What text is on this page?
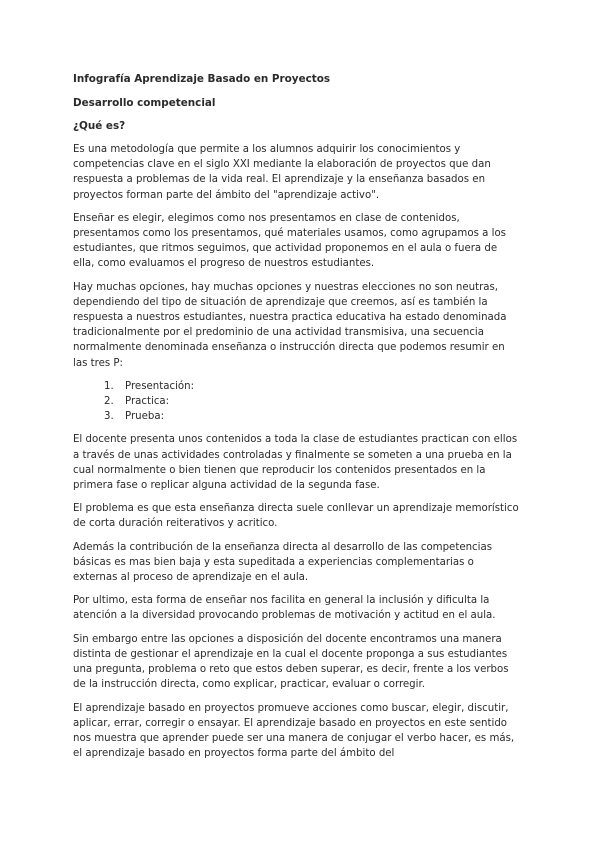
Infografía Aprendizaje Basado en Proyectos
Desarrollo competencial
¿Qué es?

Es una metodología que permite a los alumnos adquirir los conocimientos y competencias clave en el siglo XXI mediante la elaboración de proyectos que dan respuesta a problemas de la vida real. El aprendizaje y la enseñanza basados en proyectos forman parte del ámbito del "aprendizaje activo".

Enseñar es elegir, elegimos como nos presentamos en clase de contenidos, presentamos como los presentamos, qué materiales usamos, como agrupamos a los estudiantes, que ritmos seguimos, que actividad proponemos en el aula o fuera de ella, como evaluamos el progreso de nuestros estudiantes.

Hay muchas opciones, hay muchas opciones y nuestras elecciones no son neutras, dependiendo del tipo de situación de aprendizaje que creemos, así es también la respuesta a nuestros estudiantes, nuestra practica educativa ha estado denominada tradicionalmente por el predominio de una actividad transmisiva, una secuencia normalmente denominada enseñanza o instrucción directa que podemos resumir en las tres P:

1. Presentación:
2. Practica:
3. Prueba:

El docente presenta unos contenidos a toda la clase de estudiantes practican con ellos a través de unas actividades controladas y finalmente se someten a una prueba en la cual normalmente o bien tienen que reproducir los contenidos presentados en la primera fase o replicar alguna actividad de la segunda fase.

El problema es que esta enseñanza directa suele conllevar un aprendizaje memorístico de corta duración reiterativos y acritico.

Además la contribución de la enseñanza directa al desarrollo de las competencias básicas es mas bien baja y esta supeditada a experiencias complementarias o externas al proceso de aprendizaje en el aula.

Por ultimo, esta forma de enseñar nos facilita en general la inclusión y dificulta la atención a la diversidad provocando problemas de motivación y actitud en el aula.

Sin embargo entre las opciones a disposición del docente encontramos una manera distinta de gestionar el aprendizaje en la cual el docente proponga a sus estudiantes una pregunta, problema o reto que estos deben superar, es decir, frente a los verbos de la instrucción directa, como explicar, practicar, evaluar o corregir.

El aprendizaje basado en proyectos promueve acciones como buscar, elegir, discutir, aplicar, errar, corregir o ensayar. El aprendizaje basado en proyectos en este sentido nos muestra que aprender puede ser una manera de conjugar el verbo hacer, es más, el aprendizaje basado en proyectos forma parte del ámbito del
